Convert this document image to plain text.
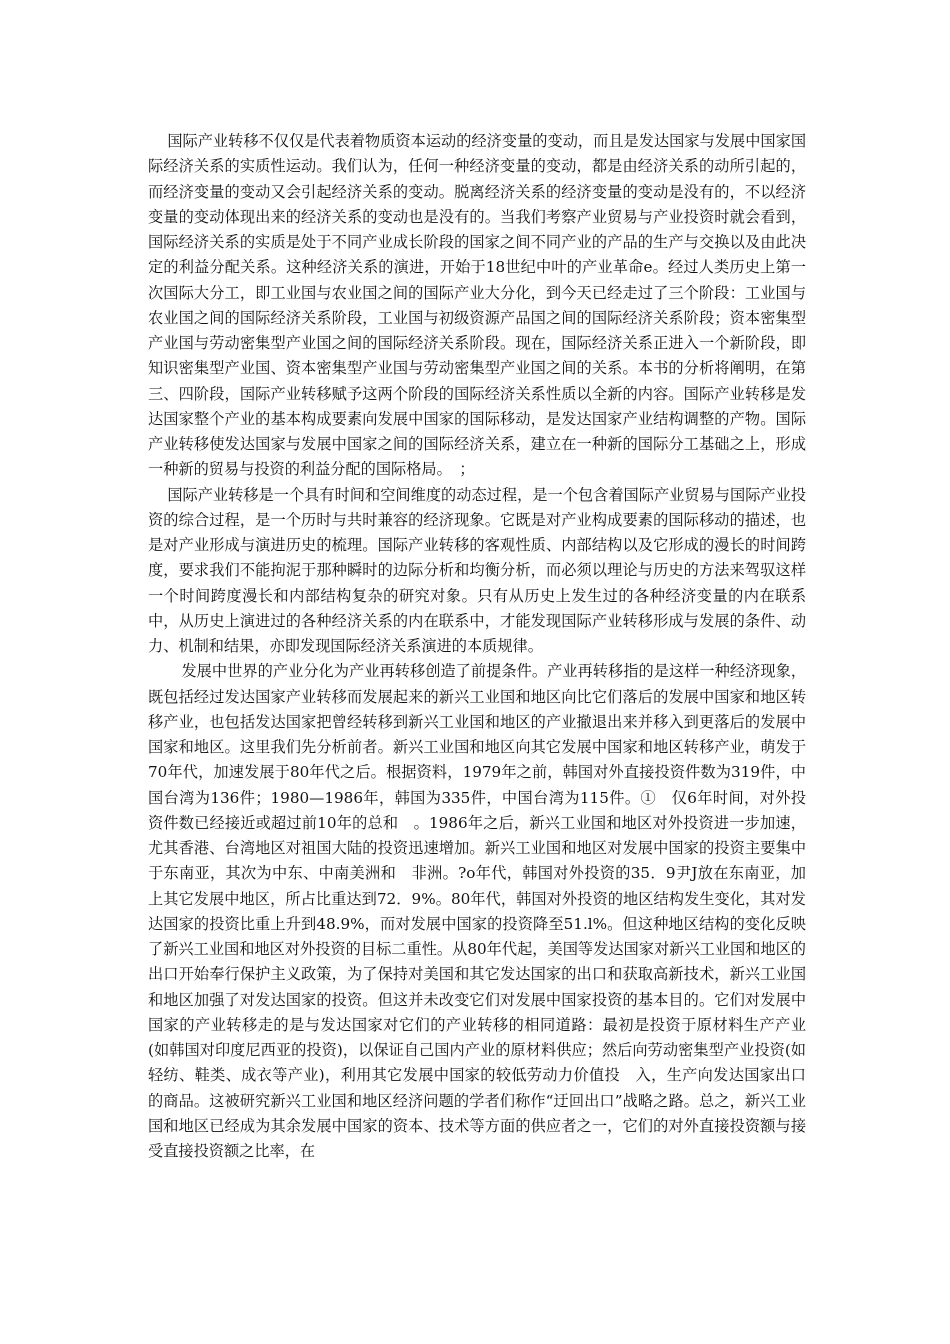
国际产业转移不仅仅是代表着物质资本运动的经济变量的变动，而且是发达国家与发展中国家国际经济关系的实质性运动。我们认为，任何一种经济变量的变动，都是由经济关系的动所引起的，而经济变量的变动又会引起经济关系的变动。脱离经济关系的经济变量的变动是没有的，不以经济变量的变动体现出来的经济关系的变动也是没有的。当我们考察产业贸易与产业投资时就会看到，国际经济关系的实质是处于不同产业成长阶段的国家之间不同产业的产品的生产与交换以及由此决定的利益分配关系。这种经济关系的演进，开始于18世纪中叶的产业革命e。经过人类历史上第一次国际大分工，即工业国与农业国之间的国际产业大分化，到今天已经走过了三个阶段：工业国与农业国之间的国际经济关系阶段，工业国与初级资源产品国之间的国际经济关系阶段；资本密集型产业国与劳动密集型产业国之间的国际经济关系阶段。现在，国际经济关系正进入一个新阶段，即知识密集型产业国、资本密集型产业国与劳动密集型产业国之间的关系。本书的分析将阐明，在第三、四阶段，国际产业转移赋予这两个阶段的国际经济关系性质以全新的内容。国际产业转移是发达国家整个产业的基本构成要素向发展中国家的国际移动，是发达国家产业结构调整的产物。国际产业转移使发达国家与发展中国家之间的国际经济关系，建立在一种新的国际分工基础之上，形成一种新的贸易与投资的利益分配的国际格局。　；

国际产业转移是一个具有时间和空间维度的动态过程，是一个包含着国际产业贸易与国际产业投资的综合过程，是一个历时与共时兼容的经济现象。它既是对产业构成要素的国际移动的描述，也是对产业形成与演进历史的梳理。国际产业转移的客观性质、内部结构以及它形成的漫长的时间跨度，要求我们不能拘泥于那种瞬时的边际分析和均衡分析，而必须以理论与历史的方法来驾驭这样一个时间跨度漫长和内部结构复杂的研究对象。只有从历史上发生过的各种经济变量的内在联系中，从历史上演进过的各种经济关系的内在联系中，才能发现国际产业转移形成与发展的条件、动力、机制和结果，亦即发现国际经济关系演进的本质规律。

发展中世界的产业分化为产业再转移创造了前提条件。产业再转移指的是这样一种经济现象，既包括经过发达国家产业转移而发展起来的新兴工业国和地区向比它们落后的发展中国家和地区转移产业，也包括发达国家把曾经转移到新兴工业国和地区的产业撤退出来并移入到更落后的发展中国家和地区。这里我们先分析前者。新兴工业国和地区向其它发展中国家和地区转移产业，萌发于70年代，加速发展于80年代之后。根据资料，1979年之前，韩国对外直接投资件数为319件，中国台湾为136件；1980—1986年，韩国为335件，中国台湾为115件。①　仅6年时间，对外投资件数已经接近或超过前10年的总和　。1986年之后，新兴工业国和地区对外投资进一步加速，尤其香港、台湾地区对祖国大陆的投资迅速增加。新兴工业国和地区对发展中国家的投资主要集中于东南亚，其次为中东、中南美洲和　非洲。?o年代，韩国对外投资的35．9尹J放在东南亚，加上其它发展中地区，所占比重达到72．9%。80年代，韩国对外投资的地区结构发生变化，其对发达国家的投资比重上升到48.9%，而对发展中国家的投资降至51.l%。但这种地区结构的变化反映了新兴工业国和地区对外投资的目标二重性。从80年代起，美国等发达国家对新兴工业国和地区的出口开始奉行保护主义政策，为了保持对美国和其它发达国家的出口和获取高新技术，新兴工业国和地区加强了对发达国家的投资。但这并未改变它们对发展中国家投资的基本目的。它们对发展中国家的产业转移走的是与发达国家对它们的产业转移的相同道路：最初是投资于原材料生产产业(如韩国对印度尼西亚的投资)，以保证自己国内产业的原材料供应；然后向劳动密集型产业投资(如轻纺、鞋类、成衣等产业)，利用其它发展中国家的较低劳动力价值投　入，生产向发达国家出口的商品。这被研究新兴工业国和地区经济问题的学者们称作“迂回出口”战略之路。总之，新兴工业国和地区已经成为其余发展中国家的资本、技术等方面的供应者之一，它们的对外直接投资额与接受直接投资额之比率，在
